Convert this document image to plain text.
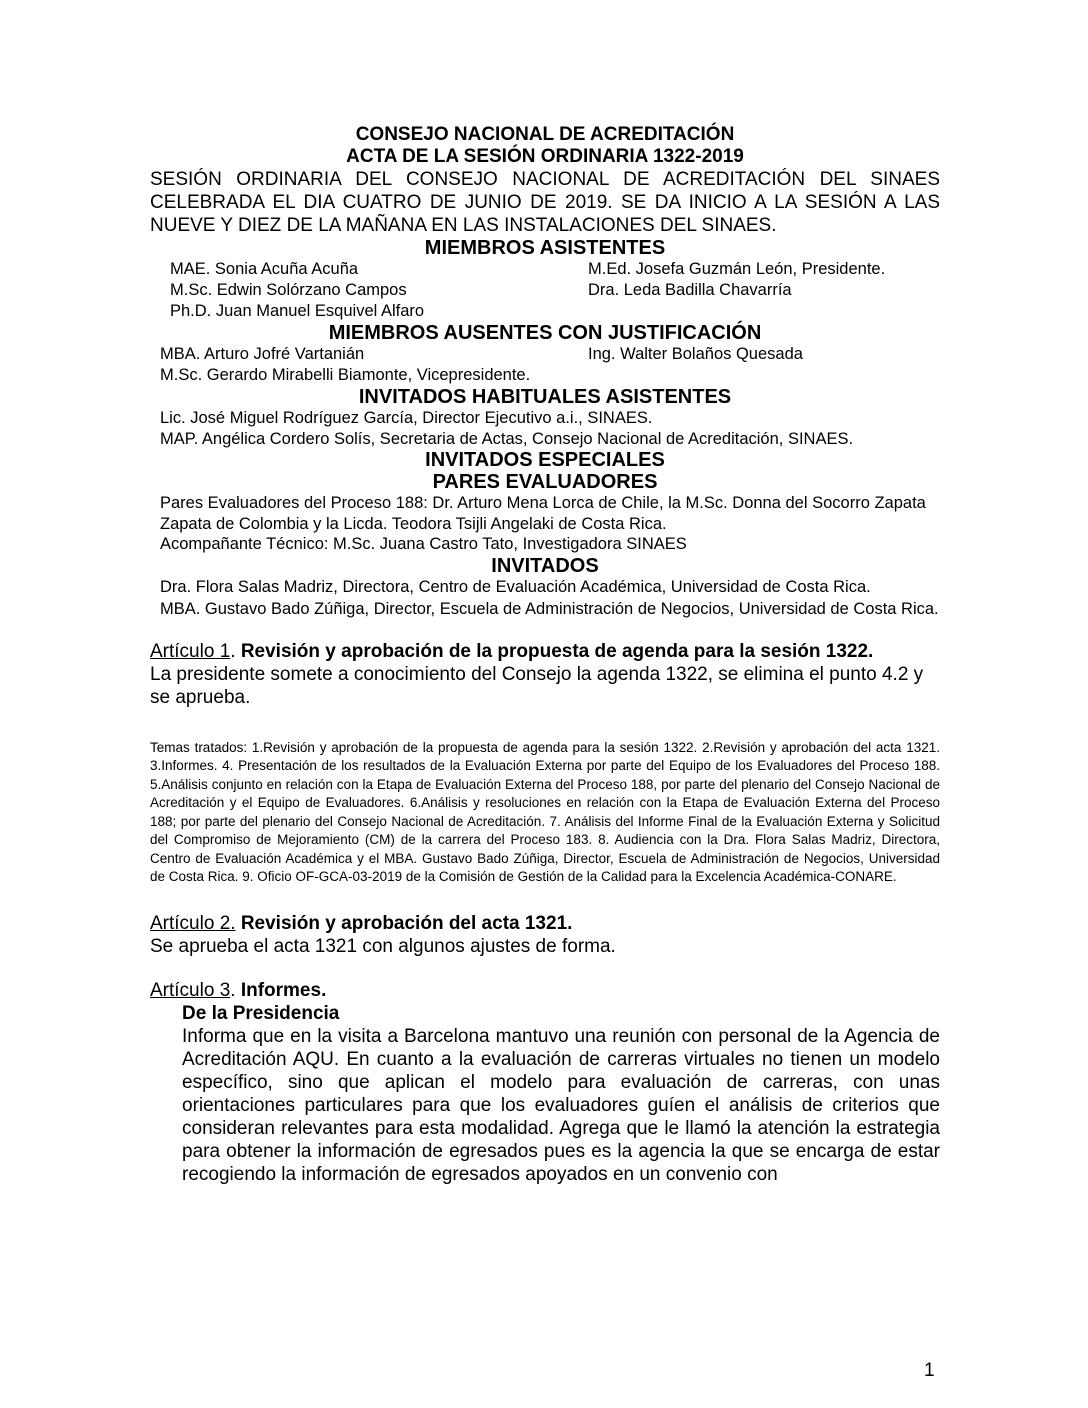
CONSEJO NACIONAL DE ACREDITACIÓN

ACTA DE LA SESIÓN ORDINARIA 1322-2019

SESIÓN ORDINARIA DEL CONSEJO NACIONAL DE ACREDITACIÓN DEL SINAES CELEBRADA EL DIA CUATRO DE JUNIO DE 2019. SE DA INICIO A LA SESIÓN A LAS NUEVE Y DIEZ DE LA MAÑANA EN LAS INSTALACIONES DEL SINAES.

MIEMBROS ASISTENTES

MAE. Sonia Acuña Acuña	M.Ed. Josefa Guzmán León, Presidente.
M.Sc. Edwin Solórzano Campos	Dra. Leda Badilla Chavarría
Ph.D. Juan Manuel Esquivel Alfaro

MIEMBROS AUSENTES CON JUSTIFICACIÓN

MBA. Arturo Jofré Vartanián	Ing. Walter Bolaños Quesada
M.Sc. Gerardo Mirabelli Biamonte, Vicepresidente.

INVITADOS HABITUALES ASISTENTES

Lic. José Miguel Rodríguez García, Director Ejecutivo a.i., SINAES.

MAP. Angélica Cordero Solís, Secretaria de Actas, Consejo Nacional de Acreditación, SINAES.

INVITADOS ESPECIALES

PARES EVALUADORES

Pares Evaluadores del Proceso 188: Dr. Arturo Mena Lorca de Chile, la M.Sc. Donna del Socorro Zapata Zapata de Colombia y la Licda. Teodora Tsijli Angelaki de Costa Rica.

Acompañante Técnico: M.Sc. Juana Castro Tato, Investigadora SINAES

INVITADOS

Dra. Flora Salas Madriz, Directora, Centro de Evaluación Académica, Universidad de Costa Rica.

MBA. Gustavo Bado Zúñiga, Director, Escuela de Administración de Negocios, Universidad de Costa Rica.

Artículo 1. Revisión y aprobación de la propuesta de agenda para la sesión 1322.

La presidente somete a conocimiento del Consejo la agenda 1322, se elimina el punto 4.2 y se aprueba.

Temas tratados: 1.Revisión y aprobación de la propuesta de agenda para la sesión 1322. 2.Revisión y aprobación del acta 1321. 3.Informes. 4. Presentación de los resultados de la Evaluación Externa por parte del Equipo de los Evaluadores del Proceso 188. 5.Análisis conjunto en relación con la Etapa de Evaluación Externa del Proceso 188, por parte del plenario del Consejo Nacional de Acreditación y el Equipo de Evaluadores. 6.Análisis y resoluciones en relación con la Etapa de Evaluación Externa del Proceso 188; por parte del plenario del Consejo Nacional de Acreditación. 7. Análisis del Informe Final de la Evaluación Externa y Solicitud del Compromiso de Mejoramiento (CM) de la carrera del Proceso 183. 8. Audiencia con la Dra. Flora Salas Madriz, Directora, Centro de Evaluación Académica y el MBA. Gustavo Bado Zúñiga, Director, Escuela de Administración de Negocios, Universidad de Costa Rica. 9. Oficio OF-GCA-03-2019 de la Comisión de Gestión de la Calidad para la Excelencia Académica-CONARE.

Artículo 2. Revisión y aprobación del acta 1321.

Se aprueba el acta 1321 con algunos ajustes de forma.

Artículo 3. Informes.

De la Presidencia

Informa que en la visita a Barcelona mantuvo una reunión con personal de la Agencia de Acreditación AQU. En cuanto a la evaluación de carreras virtuales no tienen un modelo específico, sino que aplican el modelo para evaluación de carreras, con unas orientaciones particulares para que los evaluadores guíen el análisis de criterios que consideran relevantes para esta modalidad. Agrega que le llamó la atención la estrategia para obtener la información de egresados pues es la agencia la que se encarga de estar recogiendo la información de egresados apoyados en un convenio con

1
